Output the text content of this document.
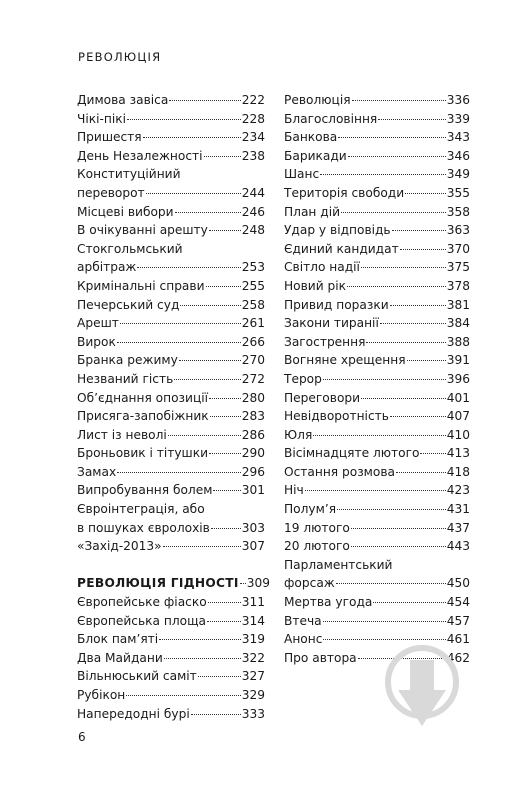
РЕВОЛЮЦІЯ
Димова завіса	222
Чікі-пікі	228
Пришестя	234
День Незалежності	238
Конституційний
переворот	244
Місцеві вибори	246
В очікуванні арешту	248
Стокгольмський
арбітраж	253
Кримінальні справи	255
Печерський суд	258
Арешт	261
Вирок	266
Бранка режиму	270
Незваний гість	272
Об’єднання опозиції	280
Присяга-запобіжник	283
Лист із неволі	286
Броньовик і тітушки	290
Замах	296
Випробування болем 301
Євроінтеграція, або
в пошуках євролохів	303
«Захід-2013»	307
РЕВОЛЮЦІЯ ГІДНОСТІ 309
Європейське фіаско	311
Європейська площа	314
Блок пам’яті	319
Два Майдани	322
Вільнюський саміт	327
Рубікон	329
Напередодні бурі	333
Революція	336
Благословіння	339
Банкова	343
Барикади	346
Шанс	349
Територія свободи	355
План дій	358
Удар у відповідь	363
Єдиний кандидат	370
Світло надії	375
Новий рік	378
Привид поразки	381
Закони тиранії	384
Загострення	388
Вогняне хрещення	391
Терор	396
Переговори	401
Невідворотність	407
Юля	410
Вісімнадцяте лютого 413
Остання розмова	418
Ніч	423
Полум’я	431
19 лютого	437
20 лютого	443
Парламентський
форсаж	450
Мертва угода	454
Втеча	457
Анонс	461
Про автора	462
6
